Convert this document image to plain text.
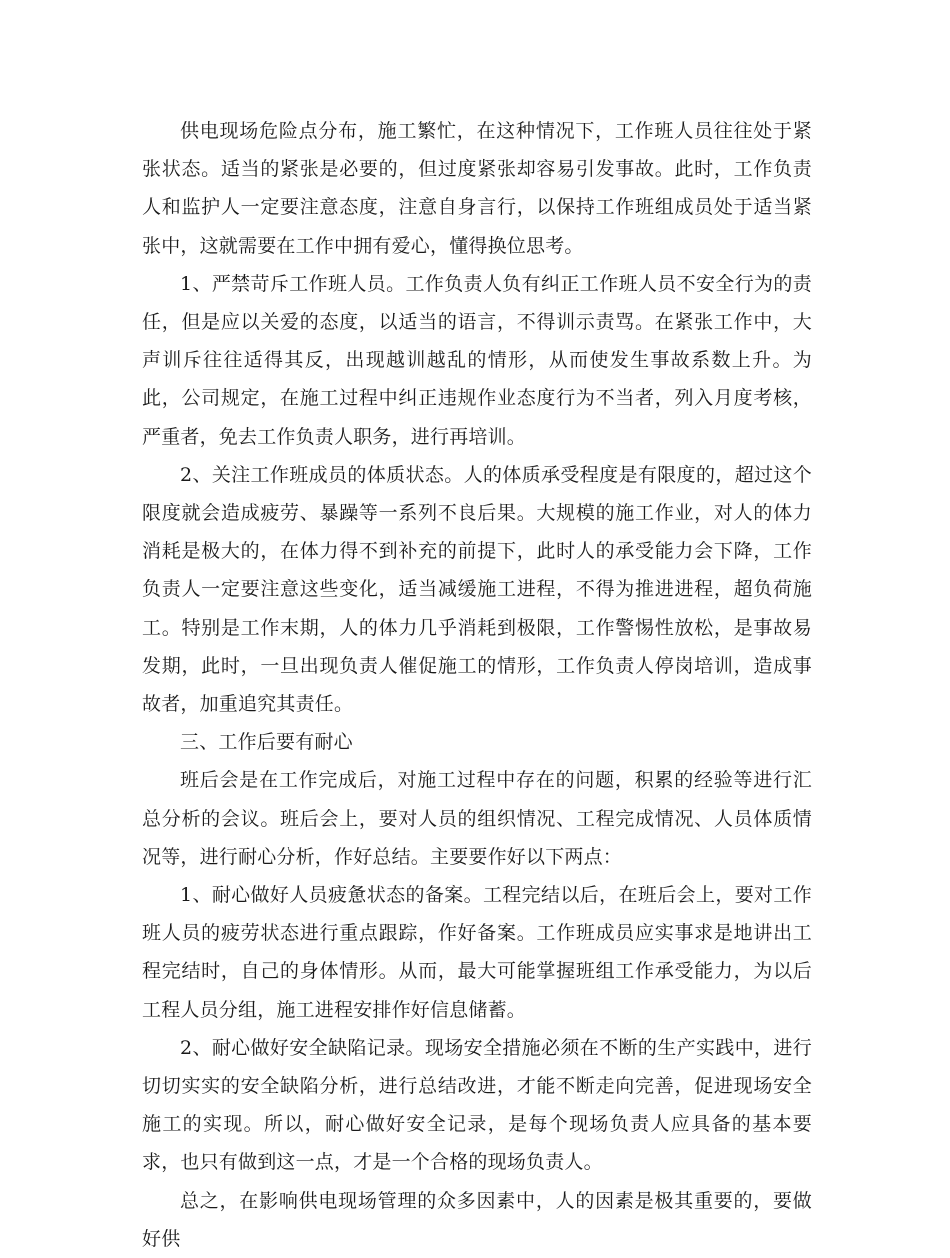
供电现场危险点分布，施工繁忙，在这种情况下，工作班人员往往处于紧张状态。适当的紧张是必要的，但过度紧张却容易引发事故。此时，工作负责人和监护人一定要注意态度，注意自身言行，以保持工作班组成员处于适当紧张中，这就需要在工作中拥有爱心，懂得换位思考。

1、严禁苛斥工作班人员。工作负责人负有纠正工作班人员不安全行为的责任，但是应以关爱的态度，以适当的语言，不得训示责骂。在紧张工作中，大声训斥往往适得其反，出现越训越乱的情形，从而使发生事故系数上升。为此，公司规定，在施工过程中纠正违规作业态度行为不当者，列入月度考核，严重者，免去工作负责人职务，进行再培训。

2、关注工作班成员的体质状态。人的体质承受程度是有限度的，超过这个限度就会造成疲劳、暴躁等一系列不良后果。大规模的施工作业，对人的体力消耗是极大的，在体力得不到补充的前提下，此时人的承受能力会下降，工作负责人一定要注意这些变化，适当减缓施工进程，不得为推进进程，超负荷施工。特别是工作末期，人的体力几乎消耗到极限，工作警惕性放松，是事故易发期，此时，一旦出现负责人催促施工的情形，工作负责人停岗培训，造成事故者，加重追究其责任。

三、工作后要有耐心

班后会是在工作完成后，对施工过程中存在的问题，积累的经验等进行汇总分析的会议。班后会上，要对人员的组织情况、工程完成情况、人员体质情况等，进行耐心分析，作好总结。主要要作好以下两点：

1、耐心做好人员疲惫状态的备案。工程完结以后，在班后会上，要对工作班人员的疲劳状态进行重点跟踪，作好备案。工作班成员应实事求是地讲出工程完结时，自己的身体情形。从而，最大可能掌握班组工作承受能力，为以后工程人员分组，施工进程安排作好信息储蓄。

2、耐心做好安全缺陷记录。现场安全措施必须在不断的生产实践中，进行切切实实的安全缺陷分析，进行总结改进，才能不断走向完善，促进现场安全施工的实现。所以，耐心做好安全记录，是每个现场负责人应具备的基本要求，也只有做到这一点，才是一个合格的现场负责人。

总之，在影响供电现场管理的众多因素中，人的因素是极其重要的，要做好供
